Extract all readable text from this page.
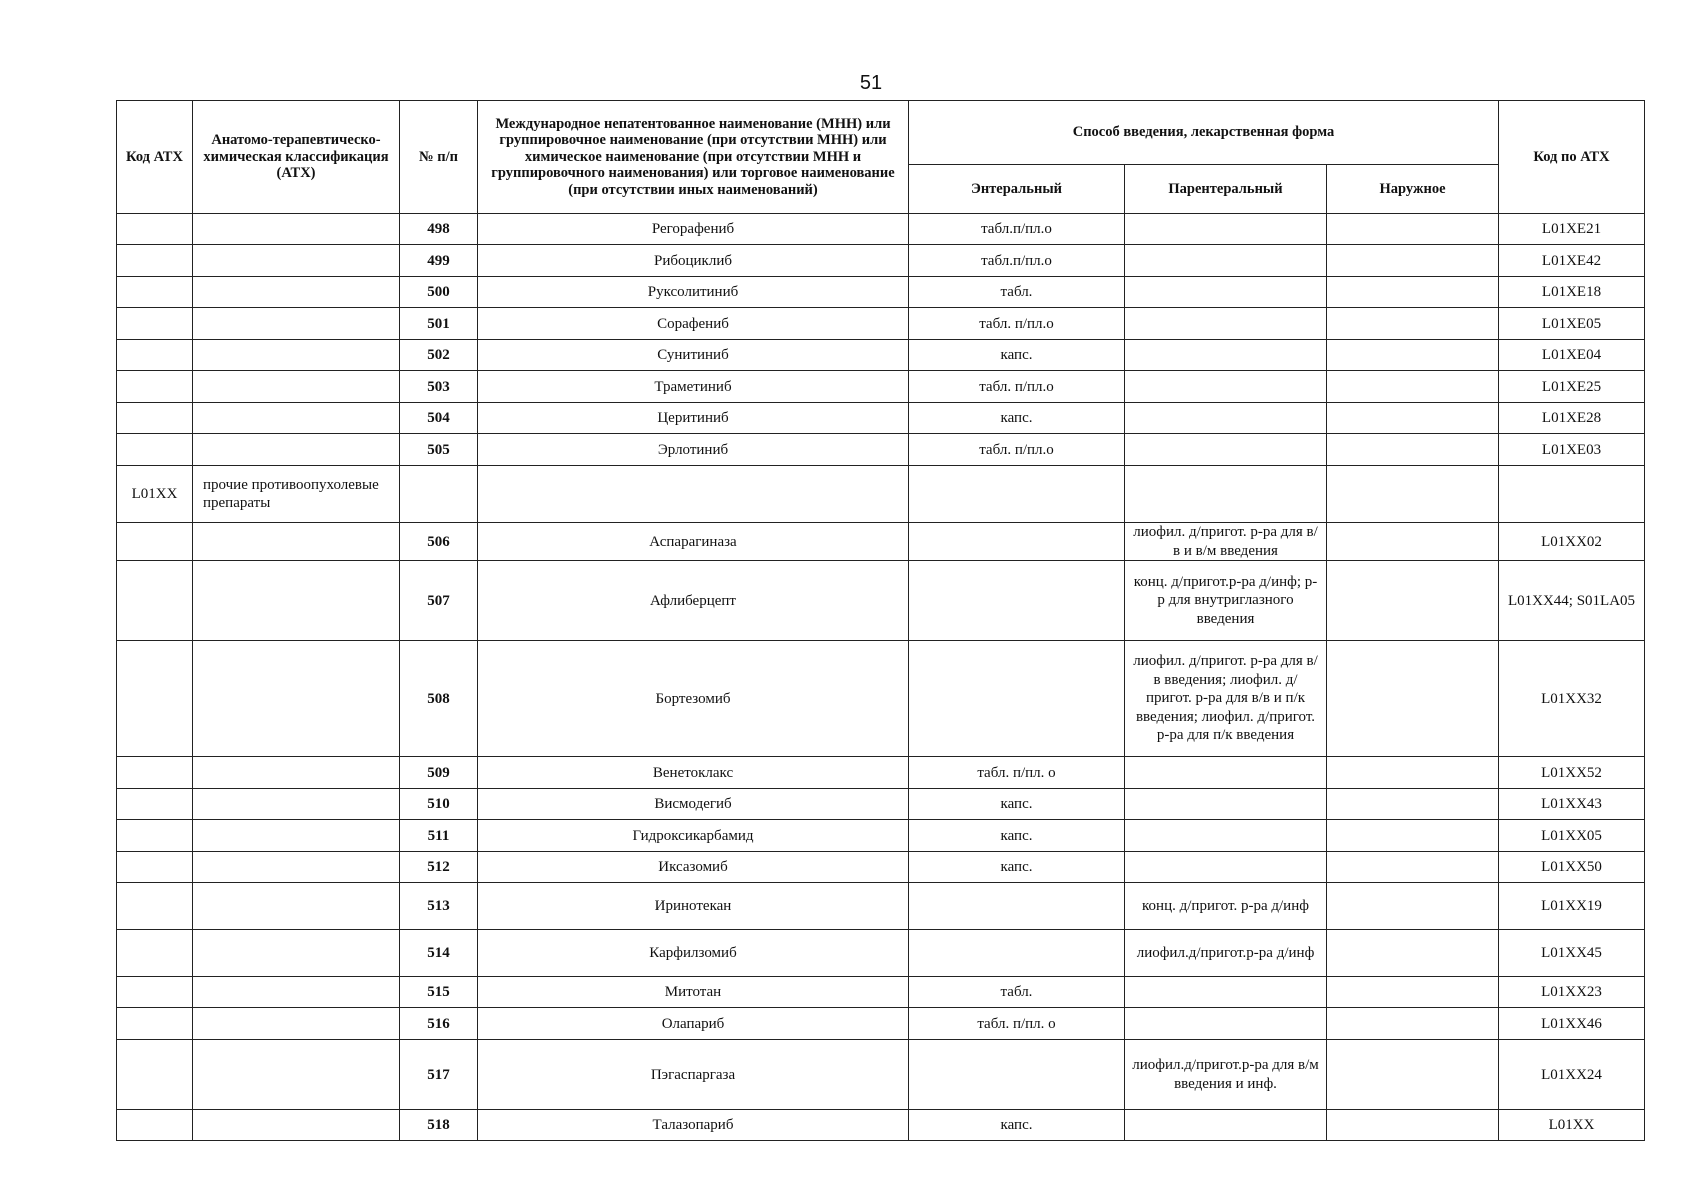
51
Код АТХ	Анатомо-терапевтическо-химическая классификация (АТХ)	№ п/п	Международное непатентованное наименование (МНН) или группировочное наименование (при отсутствии МНН) или химическое наименование (при отсутствии МНН и группировочного наименования) или торговое наименование (при отсутствии иных наименований)	Способ введения, лекарственная форма			Код по АТХ
				Энтеральный	Парентеральный	Наружное	
		498	Регорафениб	табл.п/пл.о			L01XE21
		499	Рибоциклиб	табл.п/пл.о			L01XE42
		500	Руксолитиниб	табл.			L01XE18
		501	Сорафениб	табл. п/пл.о			L01XE05
		502	Сунитиниб	капс.			L01XE04
		503	Траметиниб	табл. п/пл.о			L01XE25
		504	Церитиниб	капс.			L01XE28
		505	Эрлотиниб	табл. п/пл.о			L01XE03
L01XX	прочие противоопухолевые препараты						
		506	Аспарагиназа		лиофил. д/пригот. р-ра для в/в и в/м введения		L01XX02
		507	Афлиберцепт		конц. д/пригот.р-ра д/инф; р-р для внутриглазного введения		L01XX44; S01LA05
		508	Бортезомиб		лиофил. д/пригот. р-ра для в/в введения; лиофил. д/пригот. р-ра для в/в и п/к введения; лиофил. д/пригот. р-ра для п/к введения		L01XX32
		509	Венетоклакс	табл. п/пл. о			L01XX52
		510	Висмодегиб	капс.			L01XX43
		511	Гидроксикарбамид	капс.			L01XX05
		512	Иксазомиб	капс.			L01XX50
		513	Иринотекан		конц. д/пригот. р-ра д/инф		L01XX19
		514	Карфилзомиб		лиофил.д/пригот.р-ра д/инф		L01XX45
		515	Митотан	табл.			L01XX23
		516	Олапариб	табл. п/пл. о			L01XX46
		517	Пэгаспаргаза		лиофил.д/пригот.р-ра для в/м введения и инф.		L01XX24
		518	Талазопариб	капс.			L01XX
